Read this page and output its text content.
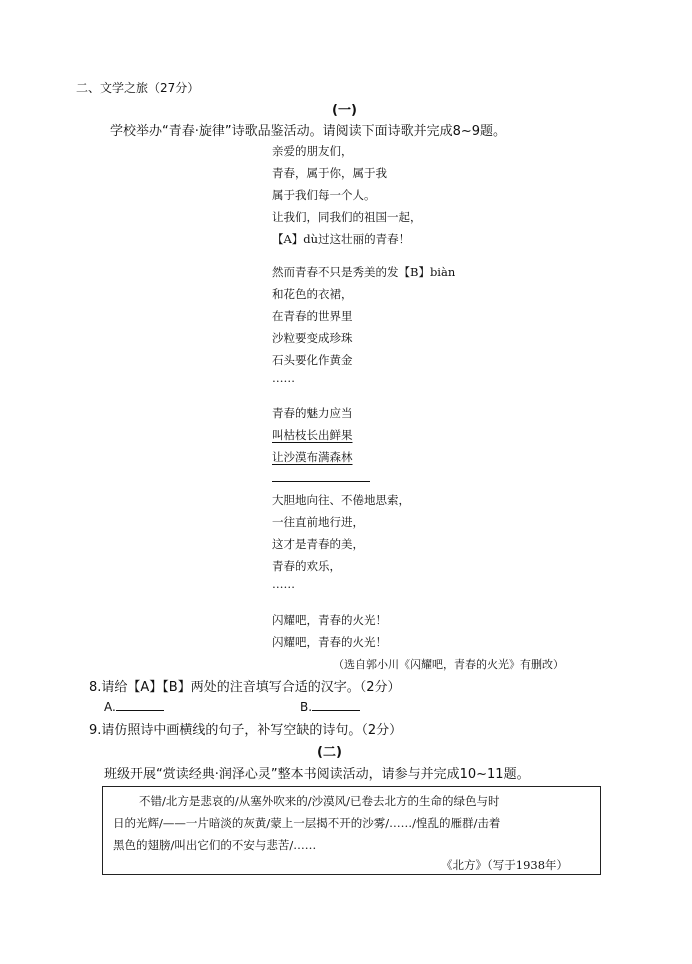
二、文学之旅（27分）
(一)
学校举办“青春·旋律”诗歌品鉴活动。请阅读下面诗歌并完成8~9题。
亲爱的朋友们，
青春，属于你，属于我
属于我们每一个人。
让我们，同我们的祖国一起，
【A】dù过这壮丽的青春！
然而青春不只是秀美的发【B】biàn
和花色的衣裙，
在青春的世界里
沙粒要变成珍珠
石头要化作黄金
……
青春的魅力应当
叫枯枝长出鲜果
让沙漠布满森林
大胆地向往、不倦地思索，
一往直前地行进，
这才是青春的美，
青春的欢乐，
……
闪耀吧，青春的火光！
闪耀吧，青春的火光！
（选自郭小川《闪耀吧，青春的火光》有删改）
8.请给【A】【B】两处的注音填写合适的汉字。（2分）
A.	B.
9.请仿照诗中画横线的句子，补写空缺的诗句。（2分）
(二)
班级开展“赏读经典·润泽心灵”整本书阅读活动，请参与并完成10~11题。
不错/北方是悲哀的/从塞外吹来的/沙漠风/已卷去北方的生命的绿色与时
日的光辉/——一片暗淡的灰黄/蒙上一层揭不开的沙雾/……/惶乱的雁群/击着
黑色的翅膀/叫出它们的不安与悲苦/……
《北方》（写于1938年）
